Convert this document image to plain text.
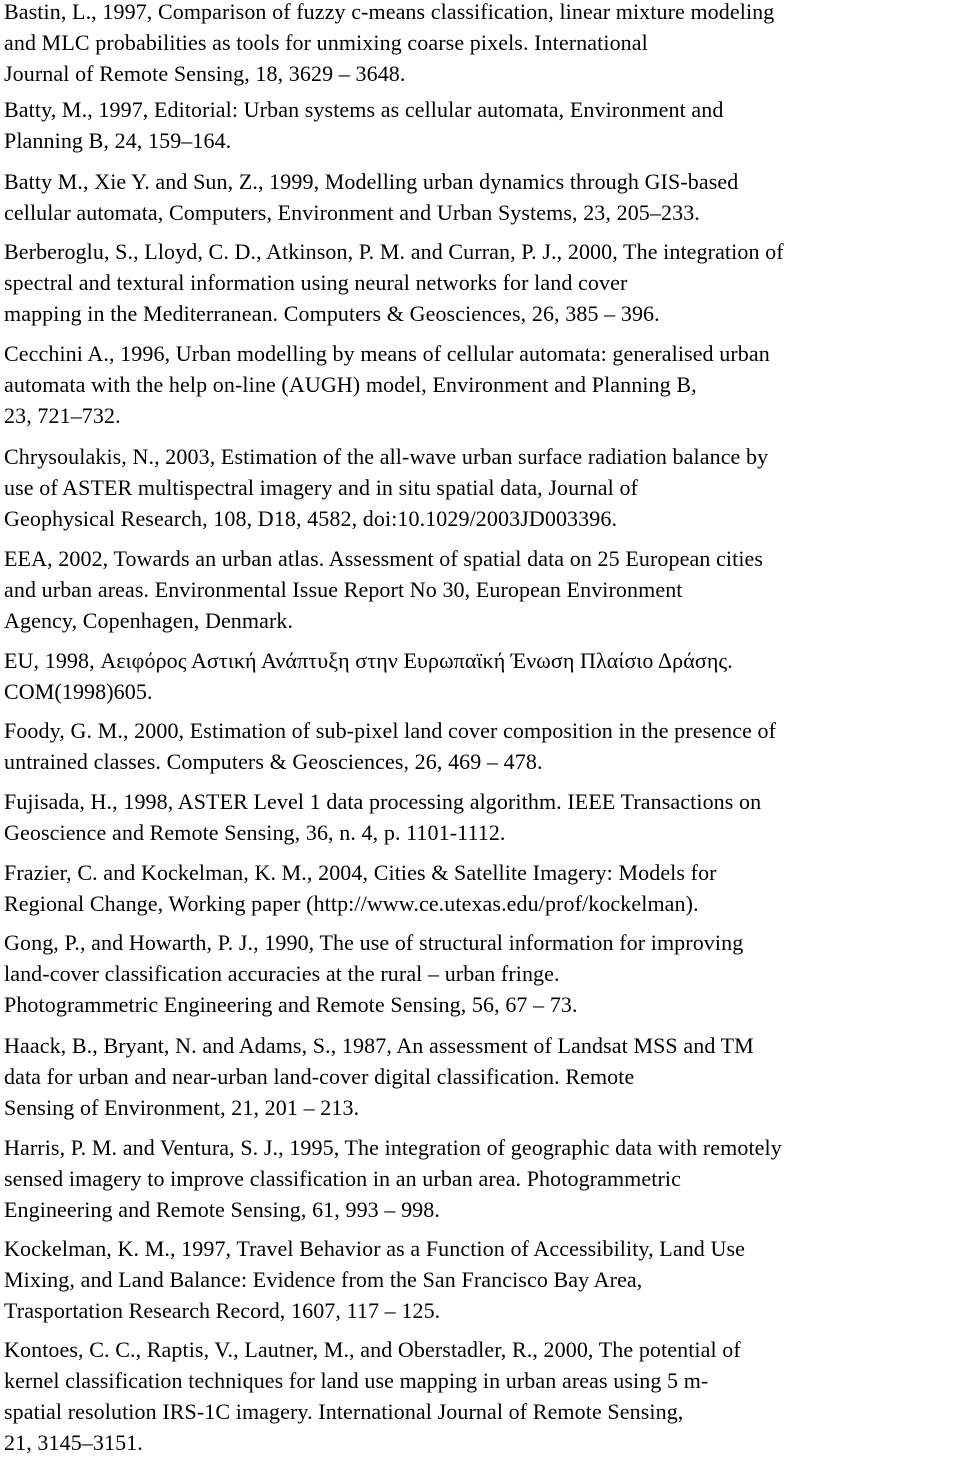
Bastin, L., 1997, Comparison of fuzzy c-means classification, linear mixture modeling
and MLC probabilities as tools for unmixing coarse pixels. International
Journal of Remote Sensing, 18, 3629 – 3648.

Batty, M., 1997, Editorial: Urban systems as cellular automata, Environment and
Planning B, 24, 159–164.

Batty M., Xie Y. and Sun, Z., 1999, Modelling urban dynamics through GIS-based
cellular automata, Computers, Environment and Urban Systems, 23, 205–233.

Berberoglu, S., Lloyd, C. D., Atkinson, P. M. and Curran, P. J., 2000, The integration of
spectral and textural information using neural networks for land cover
mapping in the Mediterranean. Computers & Geosciences, 26, 385 – 396.

Cecchini A., 1996, Urban modelling by means of cellular automata: generalised urban
automata with the help on-line (AUGH) model, Environment and Planning B,
23, 721–732.

Chrysoulakis, N., 2003, Estimation of the all-wave urban surface radiation balance by
use of ASTER multispectral imagery and in situ spatial data, Journal of
Geophysical Research, 108, D18, 4582, doi:10.1029/2003JD003396.

EEA, 2002, Towards an urban atlas. Assessment of spatial data on 25 European cities
and urban areas. Environmental Issue Report No 30, European Environment
Agency, Copenhagen, Denmark.

EU, 1998, Αειφόρος Αστική Ανάπτυξη στην Ευρωπαϊκή Ένωση Πλαίσιο Δράσης.
COM(1998)605.

Foody, G. M., 2000, Estimation of sub-pixel land cover composition in the presence of
untrained classes. Computers & Geosciences, 26, 469 – 478.

Fujisada, H., 1998, ASTER Level 1 data processing algorithm. IEEE Transactions on
Geoscience and Remote Sensing, 36, n. 4, p. 1101-1112.

Frazier, C. and Kockelman, K. M., 2004, Cities & Satellite Imagery: Models for
Regional Change, Working paper (http://www.ce.utexas.edu/prof/kockelman).

Gong, P., and Howarth, P. J., 1990, The use of structural information for improving
land-cover classification accuracies at the rural – urban fringe.
Photogrammetric Engineering and Remote Sensing, 56, 67 – 73.

Haack, B., Bryant, N. and Adams, S., 1987, An assessment of Landsat MSS and TM
data for urban and near-urban land-cover digital classification. Remote
Sensing of Environment, 21, 201 – 213.

Harris, P. M. and Ventura, S. J., 1995, The integration of geographic data with remotely
sensed imagery to improve classification in an urban area. Photogrammetric
Engineering and Remote Sensing, 61, 993 – 998.

Kockelman, K. M., 1997, Travel Behavior as a Function of Accessibility, Land Use
Mixing, and Land Balance: Evidence from the San Francisco Bay Area,
Trasportation Research Record, 1607, 117 – 125.

Kontoes, C. C., Raptis, V., Lautner, M., and Oberstadler, R., 2000, The potential of
kernel classification techniques for land use mapping in urban areas using 5 m-
spatial resolution IRS-1C imagery. International Journal of Remote Sensing,
21, 3145–3151.
